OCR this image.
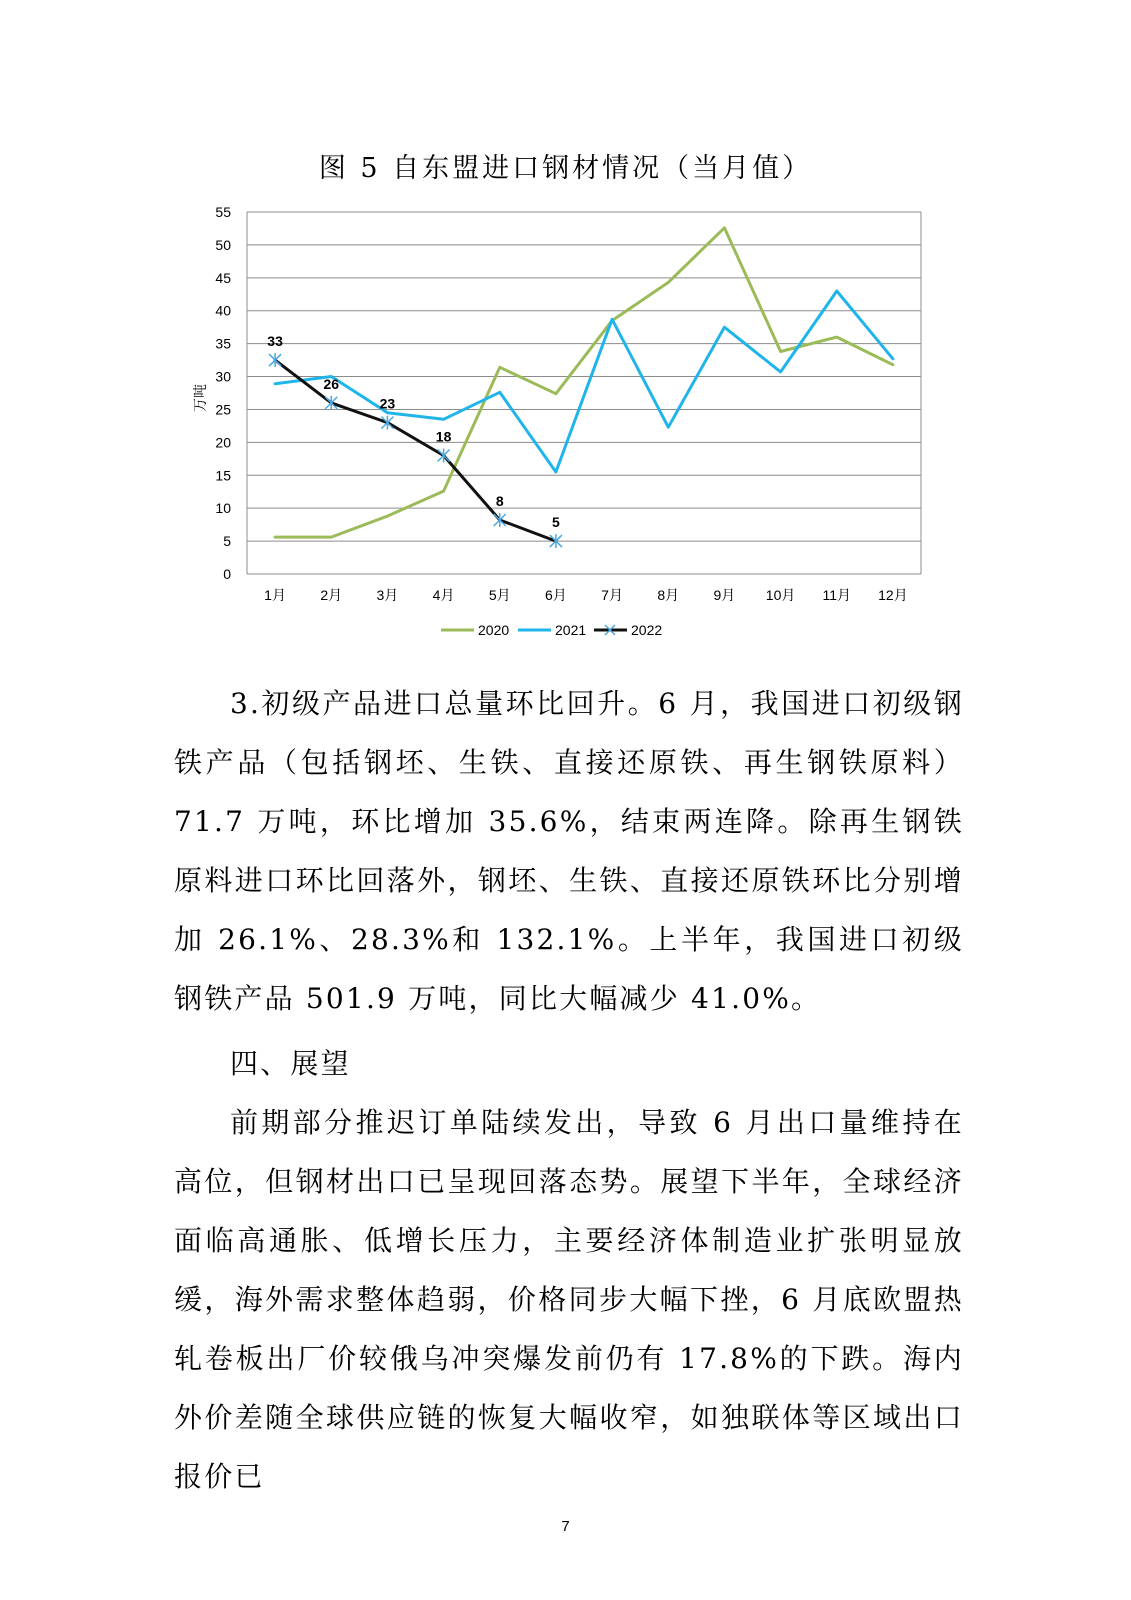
图 5 自东盟进口钢材情况（当月值）
0
5
10
15
20
25
30
35
40
45
50
55
1月 2月 3月 4月 5月 6月 7月 8月 9月 10月 11月 12月
33
26
23
18
8
5
2020	2021	2022
万吨

3.初级产品进口总量环比回升。6 月，我国进口初级钢铁产品（包括钢坯、生铁、直接还原铁、再生钢铁原料）71.7 万吨，环比增加 35.6%，结束两连降。除再生钢铁原料进口环比回落外，钢坯、生铁、直接还原铁环比分别增加 26.1%、28.3%和 132.1%。上半年，我国进口初级钢铁产品 501.9 万吨，同比大幅减少 41.0%。

四、展望

前期部分推迟订单陆续发出，导致 6 月出口量维持在高位，但钢材出口已呈现回落态势。展望下半年，全球经济面临高通胀、低增长压力，主要经济体制造业扩张明显放缓，海外需求整体趋弱，价格同步大幅下挫，6 月底欧盟热轧卷板出厂价较俄乌冲突爆发前仍有 17.8%的下跌。海内外价差随全球供应链的恢复大幅收窄，如独联体等区域出口报价已

7
